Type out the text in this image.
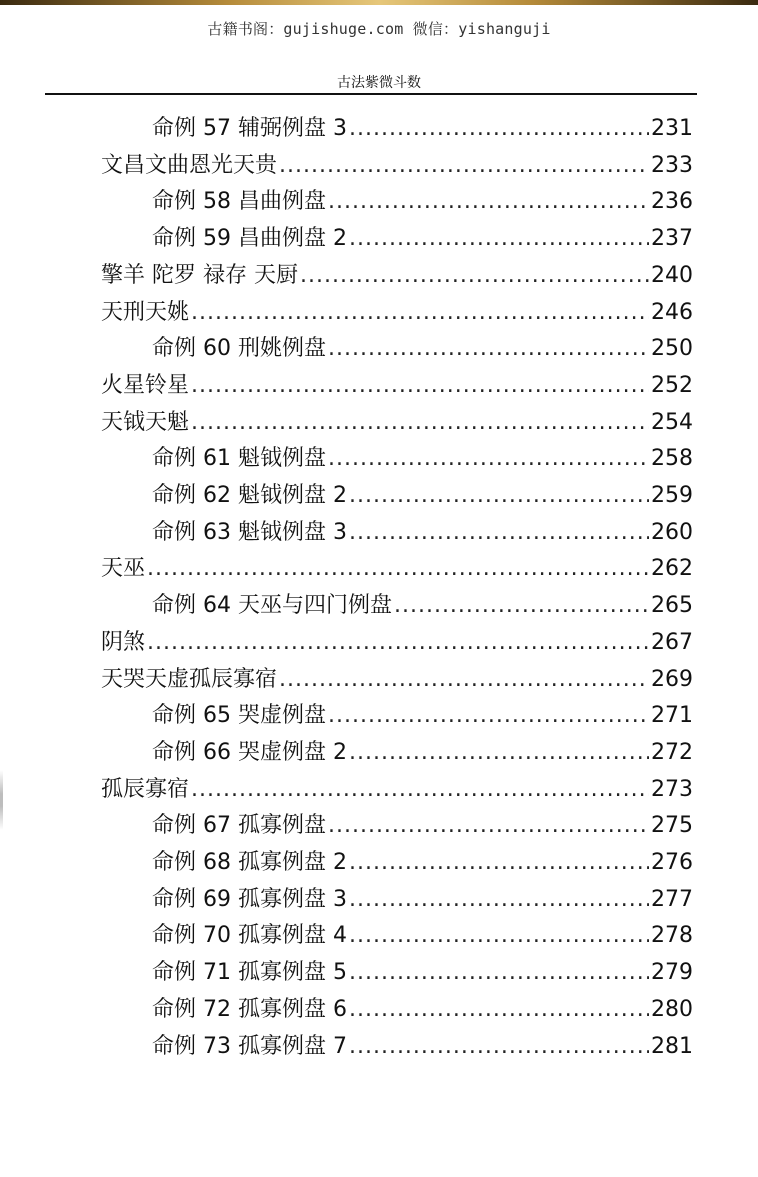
古籍书阁：gujishuge.com 微信：yishanguji
古法紫微斗数
命例 57 辅弼例盘 3 .....	231
文昌文曲恩光天贵 .....	233
命例 58 昌曲例盘 .....	236
命例 59 昌曲例盘 2 .....	237
擎羊 陀罗 禄存 天厨 .....	240
天刑天姚 .....	246
命例 60 刑姚例盘 .....	250
火星铃星 .....	252
天钺天魁 .....	254
命例 61 魁钺例盘 .....	258
命例 62 魁钺例盘 2 .....	259
命例 63 魁钺例盘 3 .....	260
天巫 .....	262
命例 64 天巫与四门例盘 .....	265
阴煞 .....	267
天哭天虚孤辰寡宿 .....	269
命例 65 哭虚例盘 .....	271
命例 66 哭虚例盘 2 .....	272
孤辰寡宿 .....	273
命例 67 孤寡例盘 .....	275
命例 68 孤寡例盘 2 .....	276
命例 69 孤寡例盘 3 .....	277
命例 70 孤寡例盘 4 .....	278
命例 71 孤寡例盘 5 .....	279
命例 72 孤寡例盘 6 .....	280
命例 73 孤寡例盘 7 .....	281
